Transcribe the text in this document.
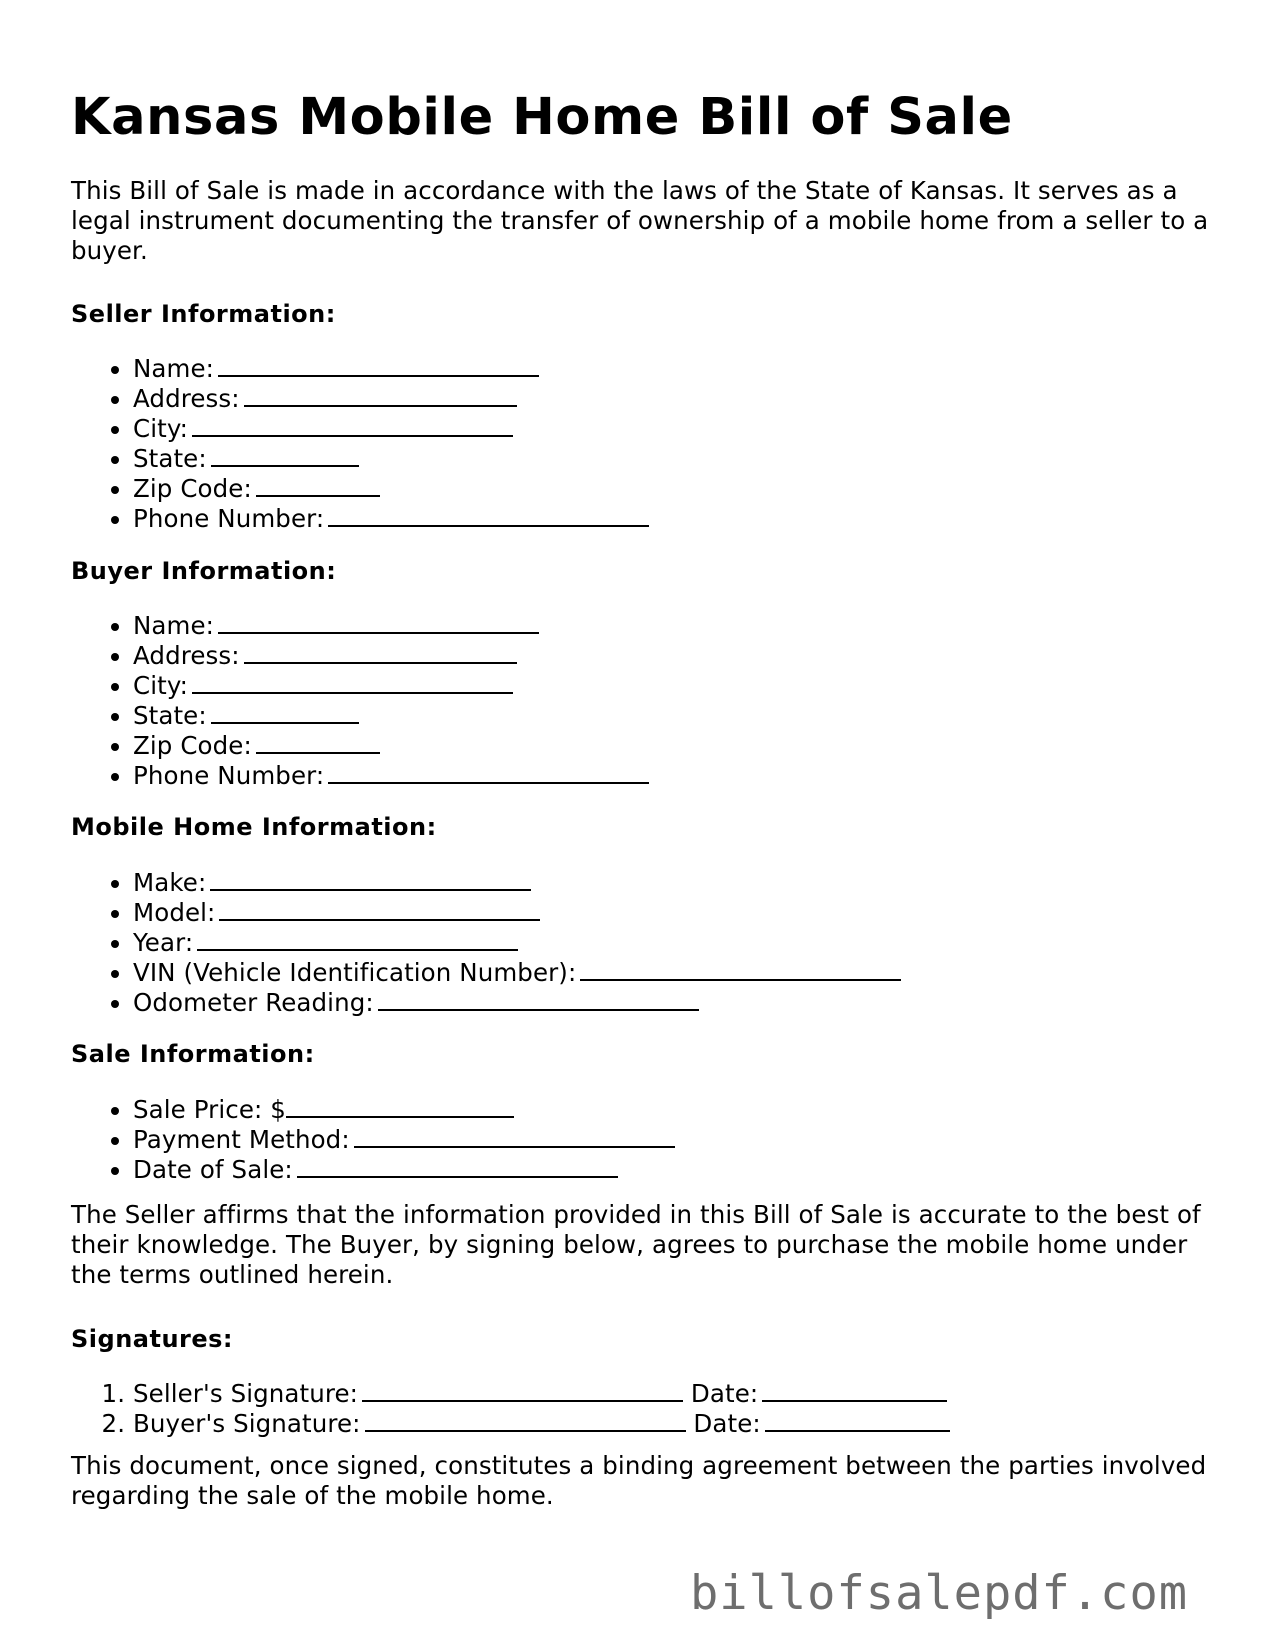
Kansas Mobile Home Bill of Sale

This Bill of Sale is made in accordance with the laws of the State of Kansas. It serves as a legal instrument documenting the transfer of ownership of a mobile home from a seller to a buyer.

Seller Information:

• Name:
• Address:
• City:
• State:
• Zip Code:
• Phone Number:

Buyer Information:

• Name:
• Address:
• City:
• State:
• Zip Code:
• Phone Number:

Mobile Home Information:

• Make:
• Model:
• Year:
• VIN (Vehicle Identification Number):
• Odometer Reading:

Sale Information:

• Sale Price: $
• Payment Method:
• Date of Sale:

The Seller affirms that the information provided in this Bill of Sale is accurate to the best of their knowledge. The Buyer, by signing below, agrees to purchase the mobile home under the terms outlined herein.

Signatures:

1. Seller's Signature:	Date:
2. Buyer's Signature:	Date:

This document, once signed, constitutes a binding agreement between the parties involved regarding the sale of the mobile home.

billofsalepdf.com
